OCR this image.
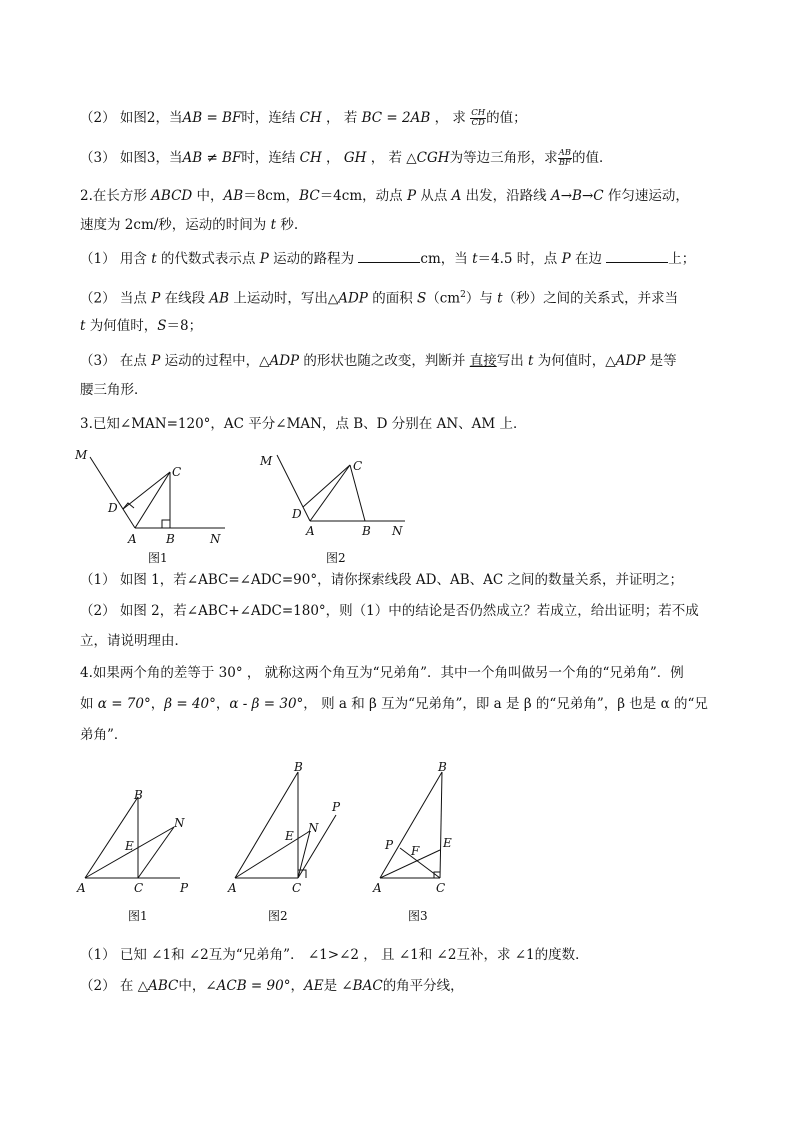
（2） 如图2，当AB = BF时，连结 CH ， 若 BC = 2AB ， 求 $\frac{CH}{CD}$ 的值；
（3） 如图3，当AB ≠ BF时，连结 CH ， GH ， 若 △CGH为等边三角形，求 $\frac{AB}{BF}$ 的值．
2.在长方形 ABCD 中，AB＝8cm，BC＝4cm，动点 P 从点 A 出发，沿路线 A→B→C 作匀速运动，
速度为 2cm/秒，运动的时间为 t 秒.
（1） 用含 t 的代数式表示点 P 运动的路程为	cm，当 t＝4.5 时，点 P 在边	上；
（2） 当点 P 在线段 AB 上运动时，写出△ADP 的面积 $S(cm^2)$与 t（秒）之间的关系式，并求当
t 为何值时，S＝8；
（3） 在点 P 运动的过程中，△ADP 的形状也随之改变，判断并 直接写出 t 为何值时，△ADP 是等
腰三角形．
3.已知∠MAN=120°，AC 平分∠MAN，点 B、D 分别在 AN、AM 上．
M
C
D
A B	N
图1
M	C
D
A	B N
图2
（1） 如图 1，若∠ABC=∠ADC=90°，请你探索线段 AD、AB、AC 之间的数量关系，并证明之；
（2） 如图 2，若∠ABC+∠ADC=180°，则（1）中的结论是否仍然成立？若成立，给出证明；若不成
立，请说明理由．
4.如果两个角的差等于 30° ， 就称这两个角互为“兄弟角”．其中一个角叫做另一个角的“兄弟角”．例
如 α = 70°，β = 40°，α - β = 30°， 则 a 和 β 互为“兄弟角”，即 a 是 β 的“兄弟角”，β 也是 α 的“兄
弟角”．
B
N
E
A	C	P
图1
B
P
E
N
A	C
图2
B
P	E
F
A	C
图3
（1） 已知 ∠1和 ∠2互为“兄弟角”． ∠1>∠2 ， 且 ∠1和 ∠2互补，求 ∠1的度数．
（2） 在 △ABC中，∠ACB = 90°，AE是 ∠BAC的角平分线，
